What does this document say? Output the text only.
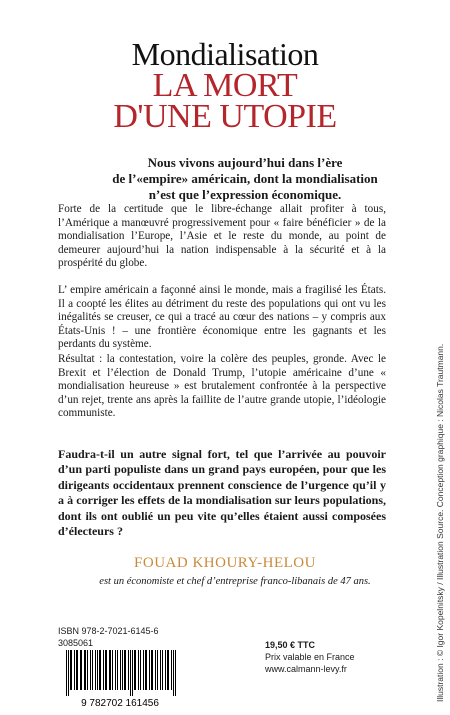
Mondialisation
LA MORT
D'UNE UTOPIE
Nous vivons aujourd’hui dans l’ère
de l’«empire» américain, dont la mondialisation
n’est que l’expression économique.

Forte de la certitude que le libre-échange allait profiter à tous, l’Amérique a manœuvré progressivement pour « faire bénéficier » de la mondialisation l’Europe, l’Asie et le reste du monde, au point de demeurer aujourd’hui la nation indispensable à la sécurité et à la prospérité du globe.

L’ empire américain a façonné ainsi le monde, mais a fragilisé les États. Il a coopté les élites au détriment du reste des populations qui ont vu les inégalités se creuser, ce qui a tracé au cœur des nations – y compris aux États-Unis ! – une frontière économique entre les gagnants et les perdants du système.

Résultat : la contestation, voire la colère des peuples, gronde. Avec le Brexit et l’élection de Donald Trump, l’utopie américaine d’une « mondialisation heureuse » est brutalement confrontée à la perspective d’un rejet, trente ans après la faillite de l’autre grande utopie, l’idéologie communiste.

Faudra-t-il un autre signal fort, tel que l’arrivée au pouvoir d’un parti populiste dans un grand pays européen, pour que les dirigeants occidentaux prennent conscience de l’urgence qu’il y a à corriger les effets de la mondialisation sur leurs populations, dont ils ont oublié un peu vite qu’elles étaient aussi composées d’électeurs ?

FOUAD KHOURY-HELOU

est un économiste et chef d’entreprise franco-libanais de 47 ans.

ISBN 978-2-7021-6145-6

3085061

9 782702 161456
19,50 € TTC
Prix valable en France
www.calmann-levy.fr	Illustration : © Igor Kopelnitsky / Illustration Source. Conception graphique : Nicolas Trautmann.
